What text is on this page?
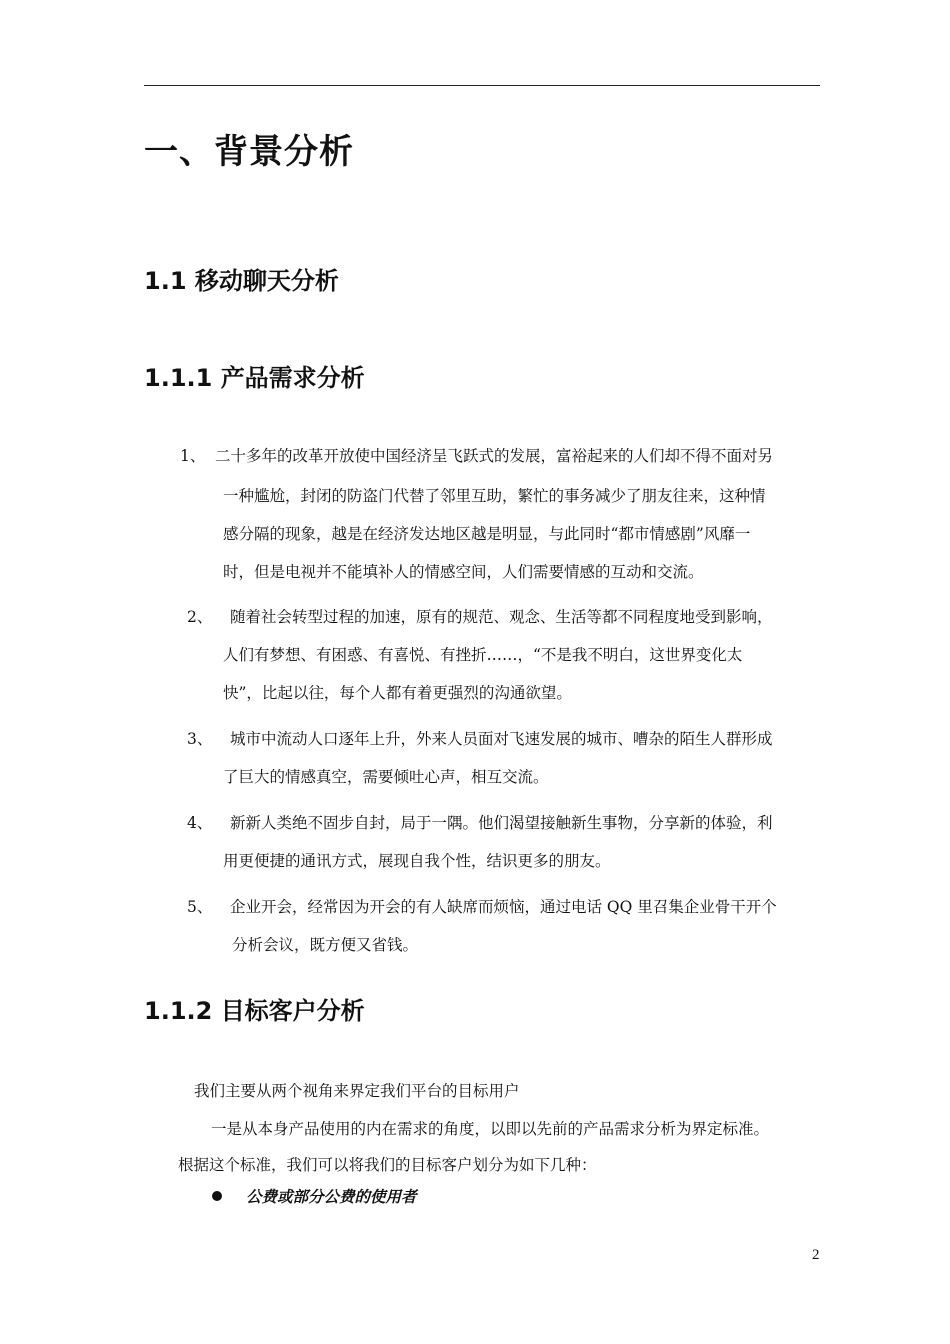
一、背景分析
1.1 移动聊天分析
1.1.1 产品需求分析
1、 二十多年的改革开放使中国经济呈飞跃式的发展，富裕起来的人们却不得不面对另
一种尴尬，封闭的防盗门代替了邻里互助，繁忙的事务减少了朋友往来，这种情
感分隔的现象，越是在经济发达地区越是明显，与此同时“都市情感剧”风靡一
时，但是电视并不能填补人的情感空间，人们需要情感的互动和交流。
2、 随着社会转型过程的加速，原有的规范、观念、生活等都不同程度地受到影响，
人们有梦想、有困惑、有喜悦、有挫折……，“不是我不明白，这世界变化太
快”，比起以往，每个人都有着更强烈的沟通欲望。
3、 城市中流动人口逐年上升，外来人员面对飞速发展的城市、嘈杂的陌生人群形成
了巨大的情感真空，需要倾吐心声，相互交流。
4、 新新人类绝不固步自封，局于一隅。他们渴望接触新生事物，分享新的体验，利
用更便捷的通讯方式，展现自我个性，结识更多的朋友。
5、 企业开会，经常因为开会的有人缺席而烦恼，通过电话 QQ 里召集企业骨干开个
分析会议，既方便又省钱。
1.1.2 目标客户分析
我们主要从两个视角来界定我们平台的目标用户
一是从本身产品使用的内在需求的角度，以即以先前的产品需求分析为界定标准。
根据这个标准，我们可以将我们的目标客户划分为如下几种：
公费或部分公费的使用者
2
